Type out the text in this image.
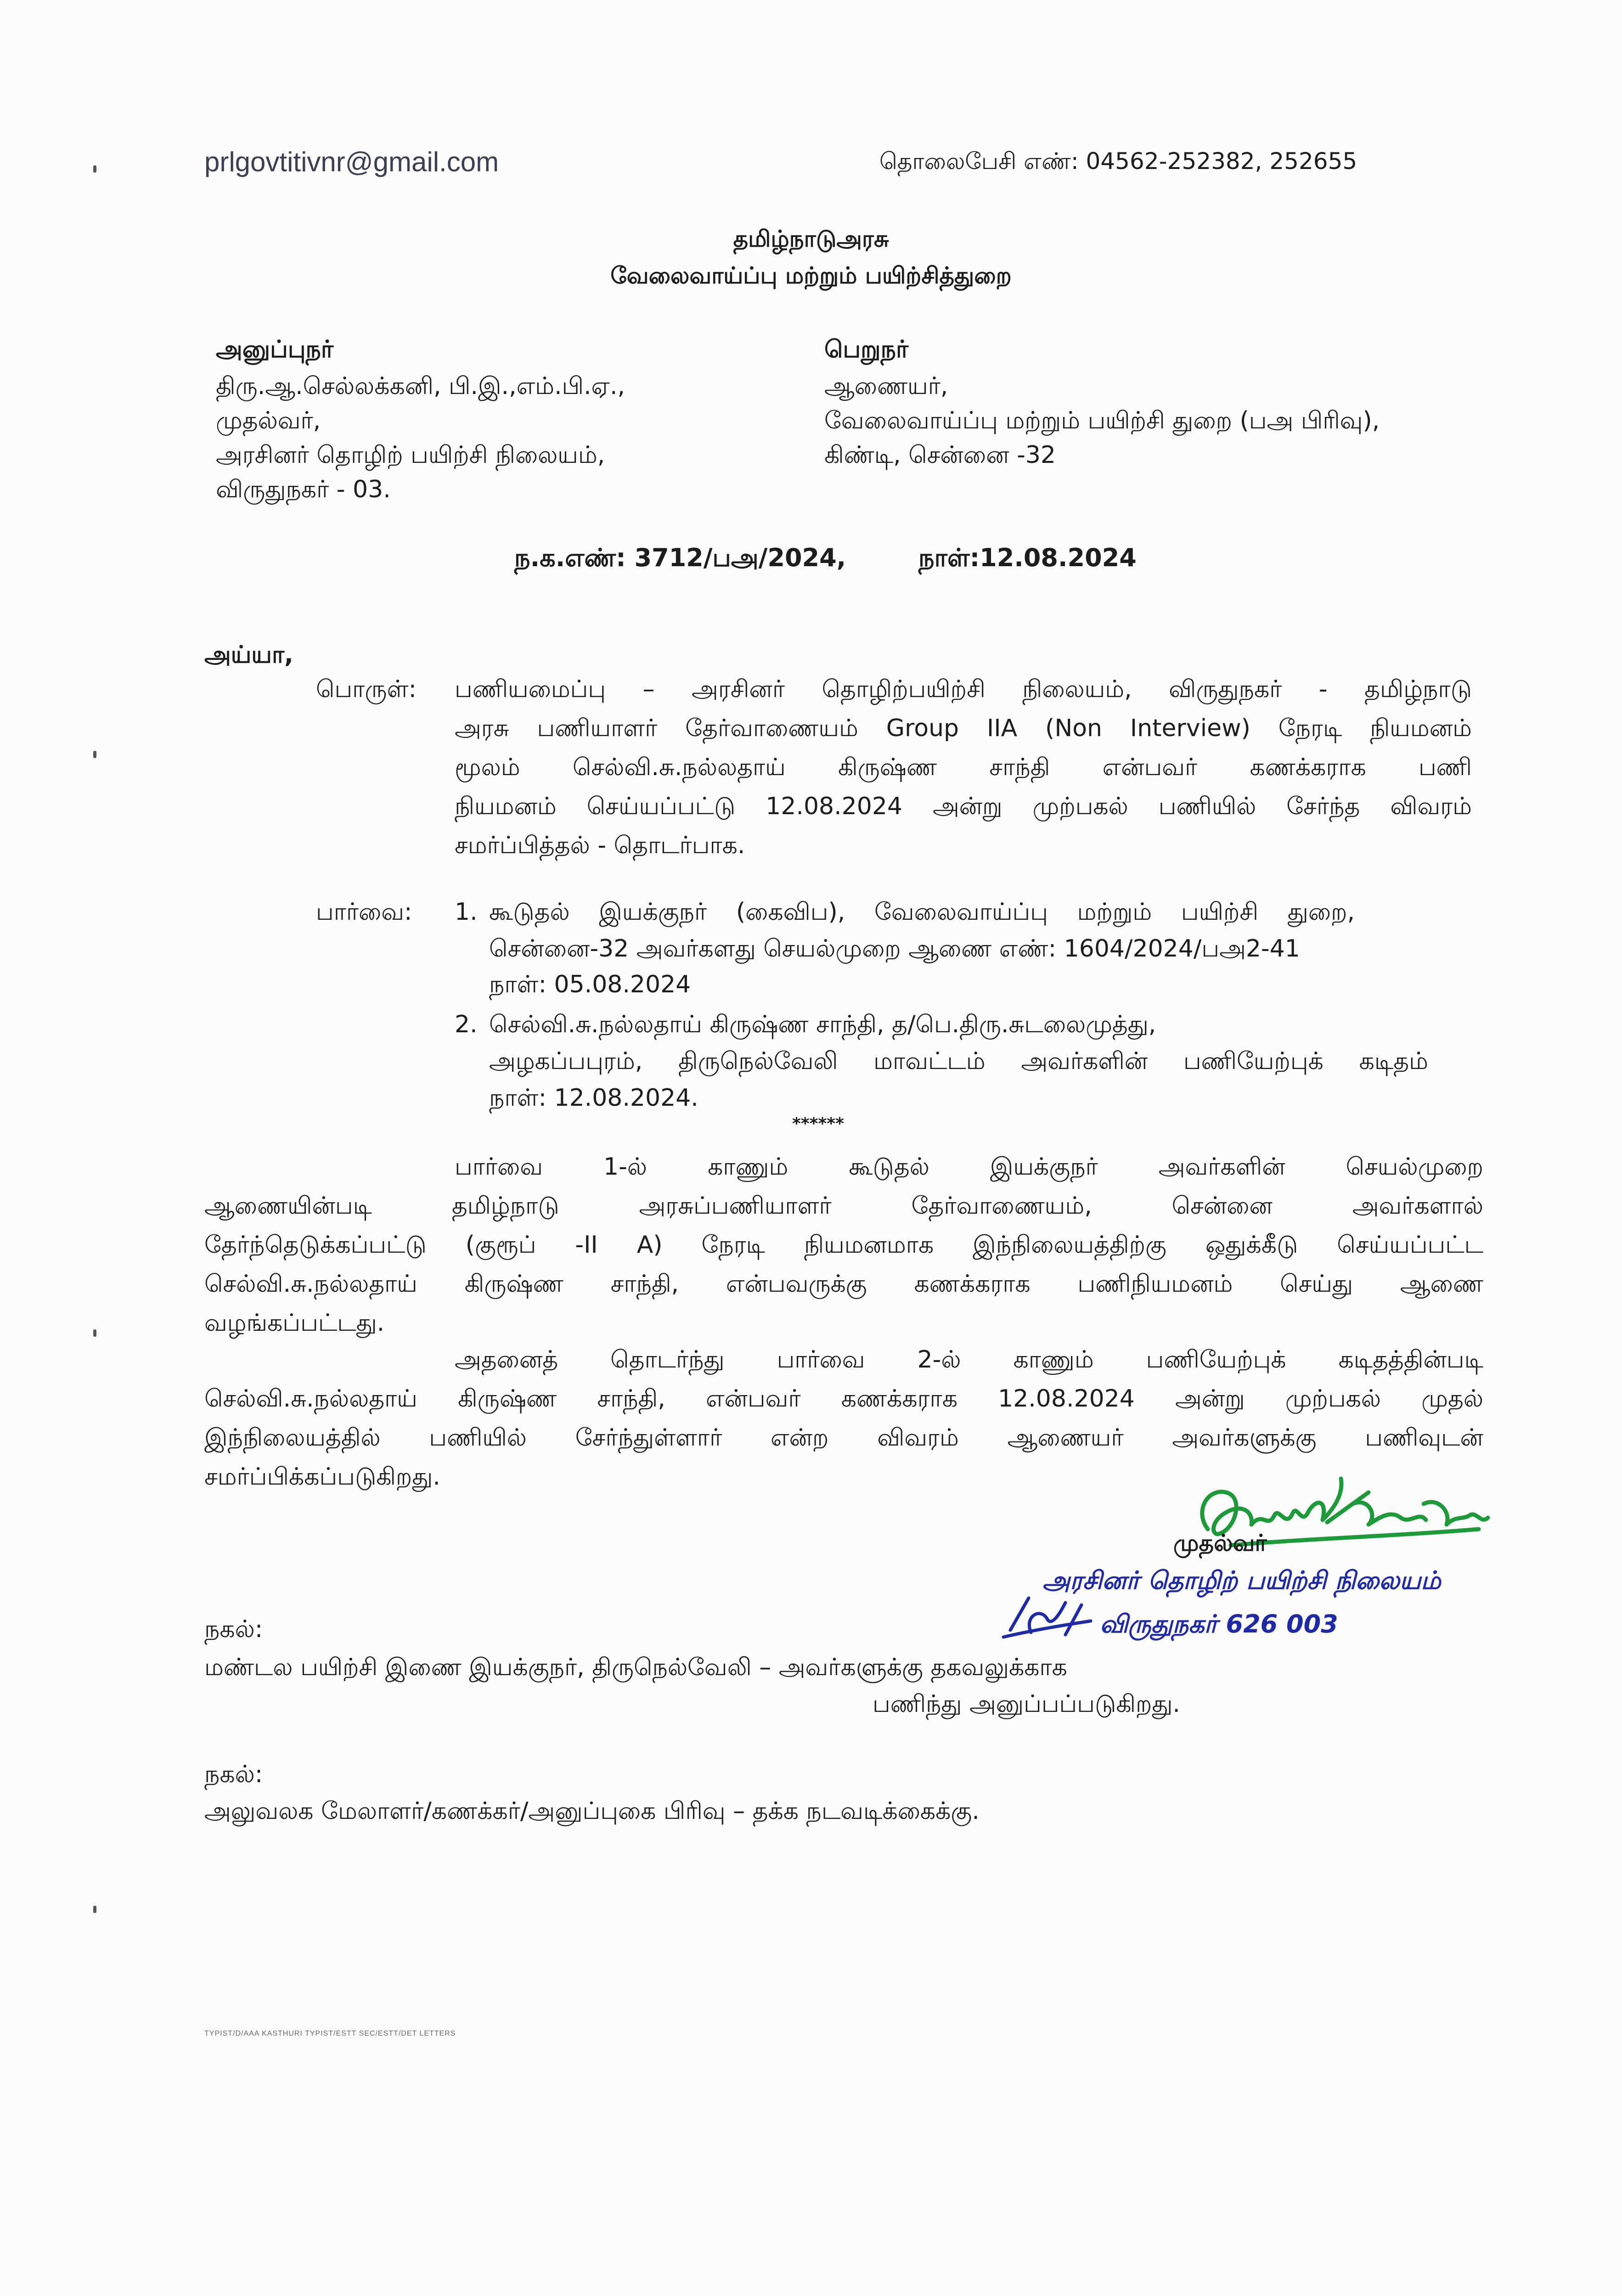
prlgovtitivnr@gmail.com	தொலைபேசி எண்: 04562-252382, 252655
தமிழ்நாடுஅரசு
வேலைவாய்ப்பு மற்றும் பயிற்சித்துறை
அனுப்புநர்
திரு.ஆ.செல்லக்கனி, பி.இ.,எம்.பி.ஏ.,
முதல்வர்,
அரசினர் தொழிற் பயிற்சி நிலையம்,
விருதுநகர் - 03.
பெறுநர்
ஆணையர்,
வேலைவாய்ப்பு மற்றும் பயிற்சி துறை (பஅ பிரிவு),
கிண்டி, சென்னை -32
ந.க.எண்: 3712/பஅ/2024,	நாள்:12.08.2024
அய்யா,
பொருள்: பணியமைப்பு – அரசினர் தொழிற்பயிற்சி நிலையம், விருதுநகர் - தமிழ்நாடு
அரசு பணியாளர் தேர்வாணையம் Group IIA (Non Interview) நேரடி நியமனம்
மூலம் செல்வி.சு.நல்லதாய் கிருஷ்ண சாந்தி என்பவர் கணக்கராக பணி
நியமனம் செய்யப்பட்டு 12.08.2024 அன்று முற்பகல் பணியில் சேர்ந்த விவரம்
சமர்ப்பித்தல் - தொடர்பாக.
பார்வை: 1. கூடுதல் இயக்குநர் (கைவிப), வேலைவாய்ப்பு மற்றும் பயிற்சி துறை,
சென்னை-32 அவர்களது செயல்முறை ஆணை எண்: 1604/2024/பஅ2-41
நாள்: 05.08.2024
2. செல்வி.சு.நல்லதாய் கிருஷ்ண சாந்தி, த/பெ.திரு.சுடலைமுத்து,
அழகப்பபுரம், திருநெல்வேலி மாவட்டம் அவர்களின் பணியேற்புக் கடிதம்
நாள்: 12.08.2024.
******
பார்வை 1-ல் காணும் கூடுதல் இயக்குநர் அவர்களின் செயல்முறை
ஆணையின்படி தமிழ்நாடு அரசுப்பணியாளர் தேர்வாணையம், சென்னை அவர்களால்
தேர்ந்தெடுக்கப்பட்டு (குரூப் -II A) நேரடி நியமனமாக இந்நிலையத்திற்கு ஒதுக்கீடு செய்யப்பட்ட
செல்வி.சு.நல்லதாய் கிருஷ்ண சாந்தி, என்பவருக்கு கணக்கராக பணிநியமனம் செய்து ஆணை
வழங்கப்பட்டது.
அதனைத் தொடர்ந்து பார்வை 2-ல் காணும் பணியேற்புக் கடிதத்தின்படி
செல்வி.சு.நல்லதாய் கிருஷ்ண சாந்தி, என்பவர் கணக்கராக 12.08.2024 அன்று முற்பகல் முதல்
இந்நிலையத்தில் பணியில் சேர்ந்துள்ளார் என்ற விவரம் ஆணையர் அவர்களுக்கு பணிவுடன்
சமர்ப்பிக்கப்படுகிறது.
முதல்வர்
அரசினர் தொழிற் பயிற்சி நிலையம்
விருதுநகர் 626 003
நகல்:
மண்டல பயிற்சி இணை இயக்குநர், திருநெல்வேலி – அவர்களுக்கு தகவலுக்காக
பணிந்து அனுப்பப்படுகிறது.
நகல்:
அலுவலக மேலாளர்/கணக்கர்/அனுப்புகை பிரிவு – தக்க நடவடிக்கைக்கு.
TYPIST/D/AAA KASTHURI TYPIST/ESTT SEC/ESTT/DET LETTERS
